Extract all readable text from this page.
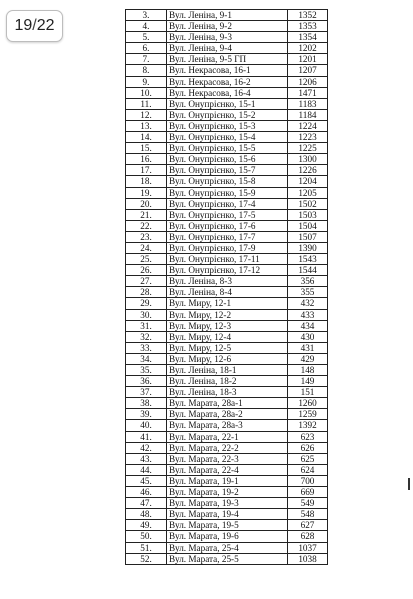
19 / 22
3.	Вул. Леніна, 9-1	1352
4.	Вул. Леніна, 9-2	1353
5.	Вул. Леніна, 9-3	1354
6.	Вул. Леніна, 9-4	1202
7.	Вул. Леніна, 9-5 ГП	1201
8.	Вул. Некрасова, 16-1	1207
9.	Вул. Некрасова, 16-2	1206
10.	Вул. Некрасова, 16-4	1471
11.	Вул. Онупрієнко, 15-1	1183
12.	Вул. Онупрієнко, 15-2	1184
13.	Вул. Онупрієнко, 15-3	1224
14.	Вул. Онупрієнко, 15-4	1223
15.	Вул. Онупрієнко, 15-5	1225
16.	Вул. Онупрієнко, 15-6	1300
17.	Вул. Онупрієнко, 15-7	1226
18.	Вул. Онупрієнко, 15-8	1204
19.	Вул. Онупрієнко, 15-9	1205
20.	Вул. Онупрієнко, 17-4	1502
21.	Вул. Онупрієнко, 17-5	1503
22.	Вул. Онупрієнко, 17-6	1504
23.	Вул. Онупрієнко, 17-7	1507
24.	Вул. Онупрієнко, 17-9	1390
25.	Вул. Онупрієнко, 17-11	1543
26.	Вул. Онупрієнко, 17-12	1544
27.	Вул. Леніна, 8-3	356
28.	Вул. Леніна, 8-4	355
29.	Вул. Миру, 12-1	432
30.	Вул. Миру, 12-2	433
31.	Вул. Миру, 12-3	434
32.	Вул. Миру, 12-4	430
33.	Вул. Миру, 12-5	431
34.	Вул. Миру, 12-6	429
35.	Вул. Леніна, 18-1	148
36.	Вул. Леніна, 18-2	149
37.	Вул. Леніна, 18-3	151
38.	Вул. Марата, 28а-1	1260
39.	Вул. Марата, 28а-2	1259
40.	Вул. Марата, 28а-3	1392
41.	Вул. Марата, 22-1	623
42.	Вул. Марата, 22-2	626
43.	Вул. Марата, 22-3	625
44.	Вул. Марата, 22-4	624
45.	Вул. Марата, 19-1	700
46.	Вул. Марата, 19-2	669
47.	Вул. Марата, 19-3	549
48.	Вул. Марата, 19-4	548
49.	Вул. Марата, 19-5	627
50.	Вул. Марата, 19-6	628
51.	Вул. Марата, 25-4	1037
52.	Вул. Марата, 25-5	1038
